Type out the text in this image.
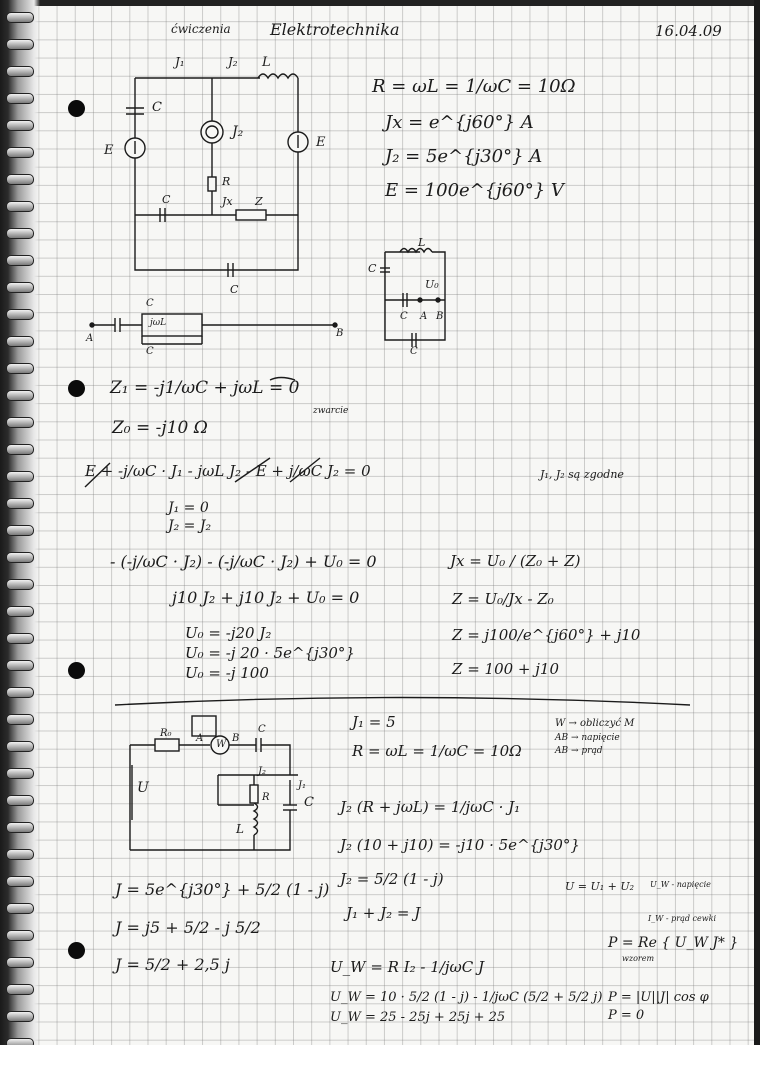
ćwiczenia Elektrotechnika	16.04.09
J₁	J₂ L
C
E
J₂
E
R
C	Jx Z
C
R = ωL = 1/ωC = 10Ω
Jx = e^{j60°} A
J₂ = 5e^{j30°} A
E = 100e^{j60°} V
L
C
U₀
C A B
C
C
A	B
C
jωL
Z₁ = -j1/ωC + jωL = 0
zwarcie
Z₀ = -j10 Ω
E + -j/ωC · J₁ - jωL J₂ - E + j/ωC J₂ = 0	J₁, J₂ są zgodne
J₁ = 0
J₂ = J₂
- (-j/ωC · J₂) - (-j/ωC · J₂) + U₀ = 0
j10 J₂ + j10 J₂ + U₀ = 0
U₀ = -j20 J₂
U₀ = -j 20 · 5e^{j30°}
U₀ = -j 100
Jx = U₀ / (Z₀ + Z)
Z = U₀/Jx - Z₀
Z = j100/e^{j60°} + j10
Z = 100 + j10
R₀ A
W
B
C
U
J₂
R
L
C
J₁
J₁ = 5
R = ωL = 1/ωC = 10Ω
W → obliczyć M
AB → napięcie
AB → prąd
J₂ (R + jωL) = 1/jωC · J₁
J₂ (10 + j10) = -j10 · 5e^{j30°}
J₂ = 5/2 (1 - j)
J₁ + J₂ = J
U = U₁ + U₂ U_W - napięcie
I_W - prąd cewki
P = Re { U_W J* }
wzorem
J = 5e^{j30°} + 5/2 (1 - j)
J = j5 + 5/2 - j 5/2
J = 5/2 + 2,5 j	U_W = R I₂ - 1/jωC J
U_W = 10 · 5/2 (1 - j) - 1/jωC (5/2 + 5/2 j)
U_W = 25 - 25j + 25j + 25
P = |U||J| cos φ
P = 0
